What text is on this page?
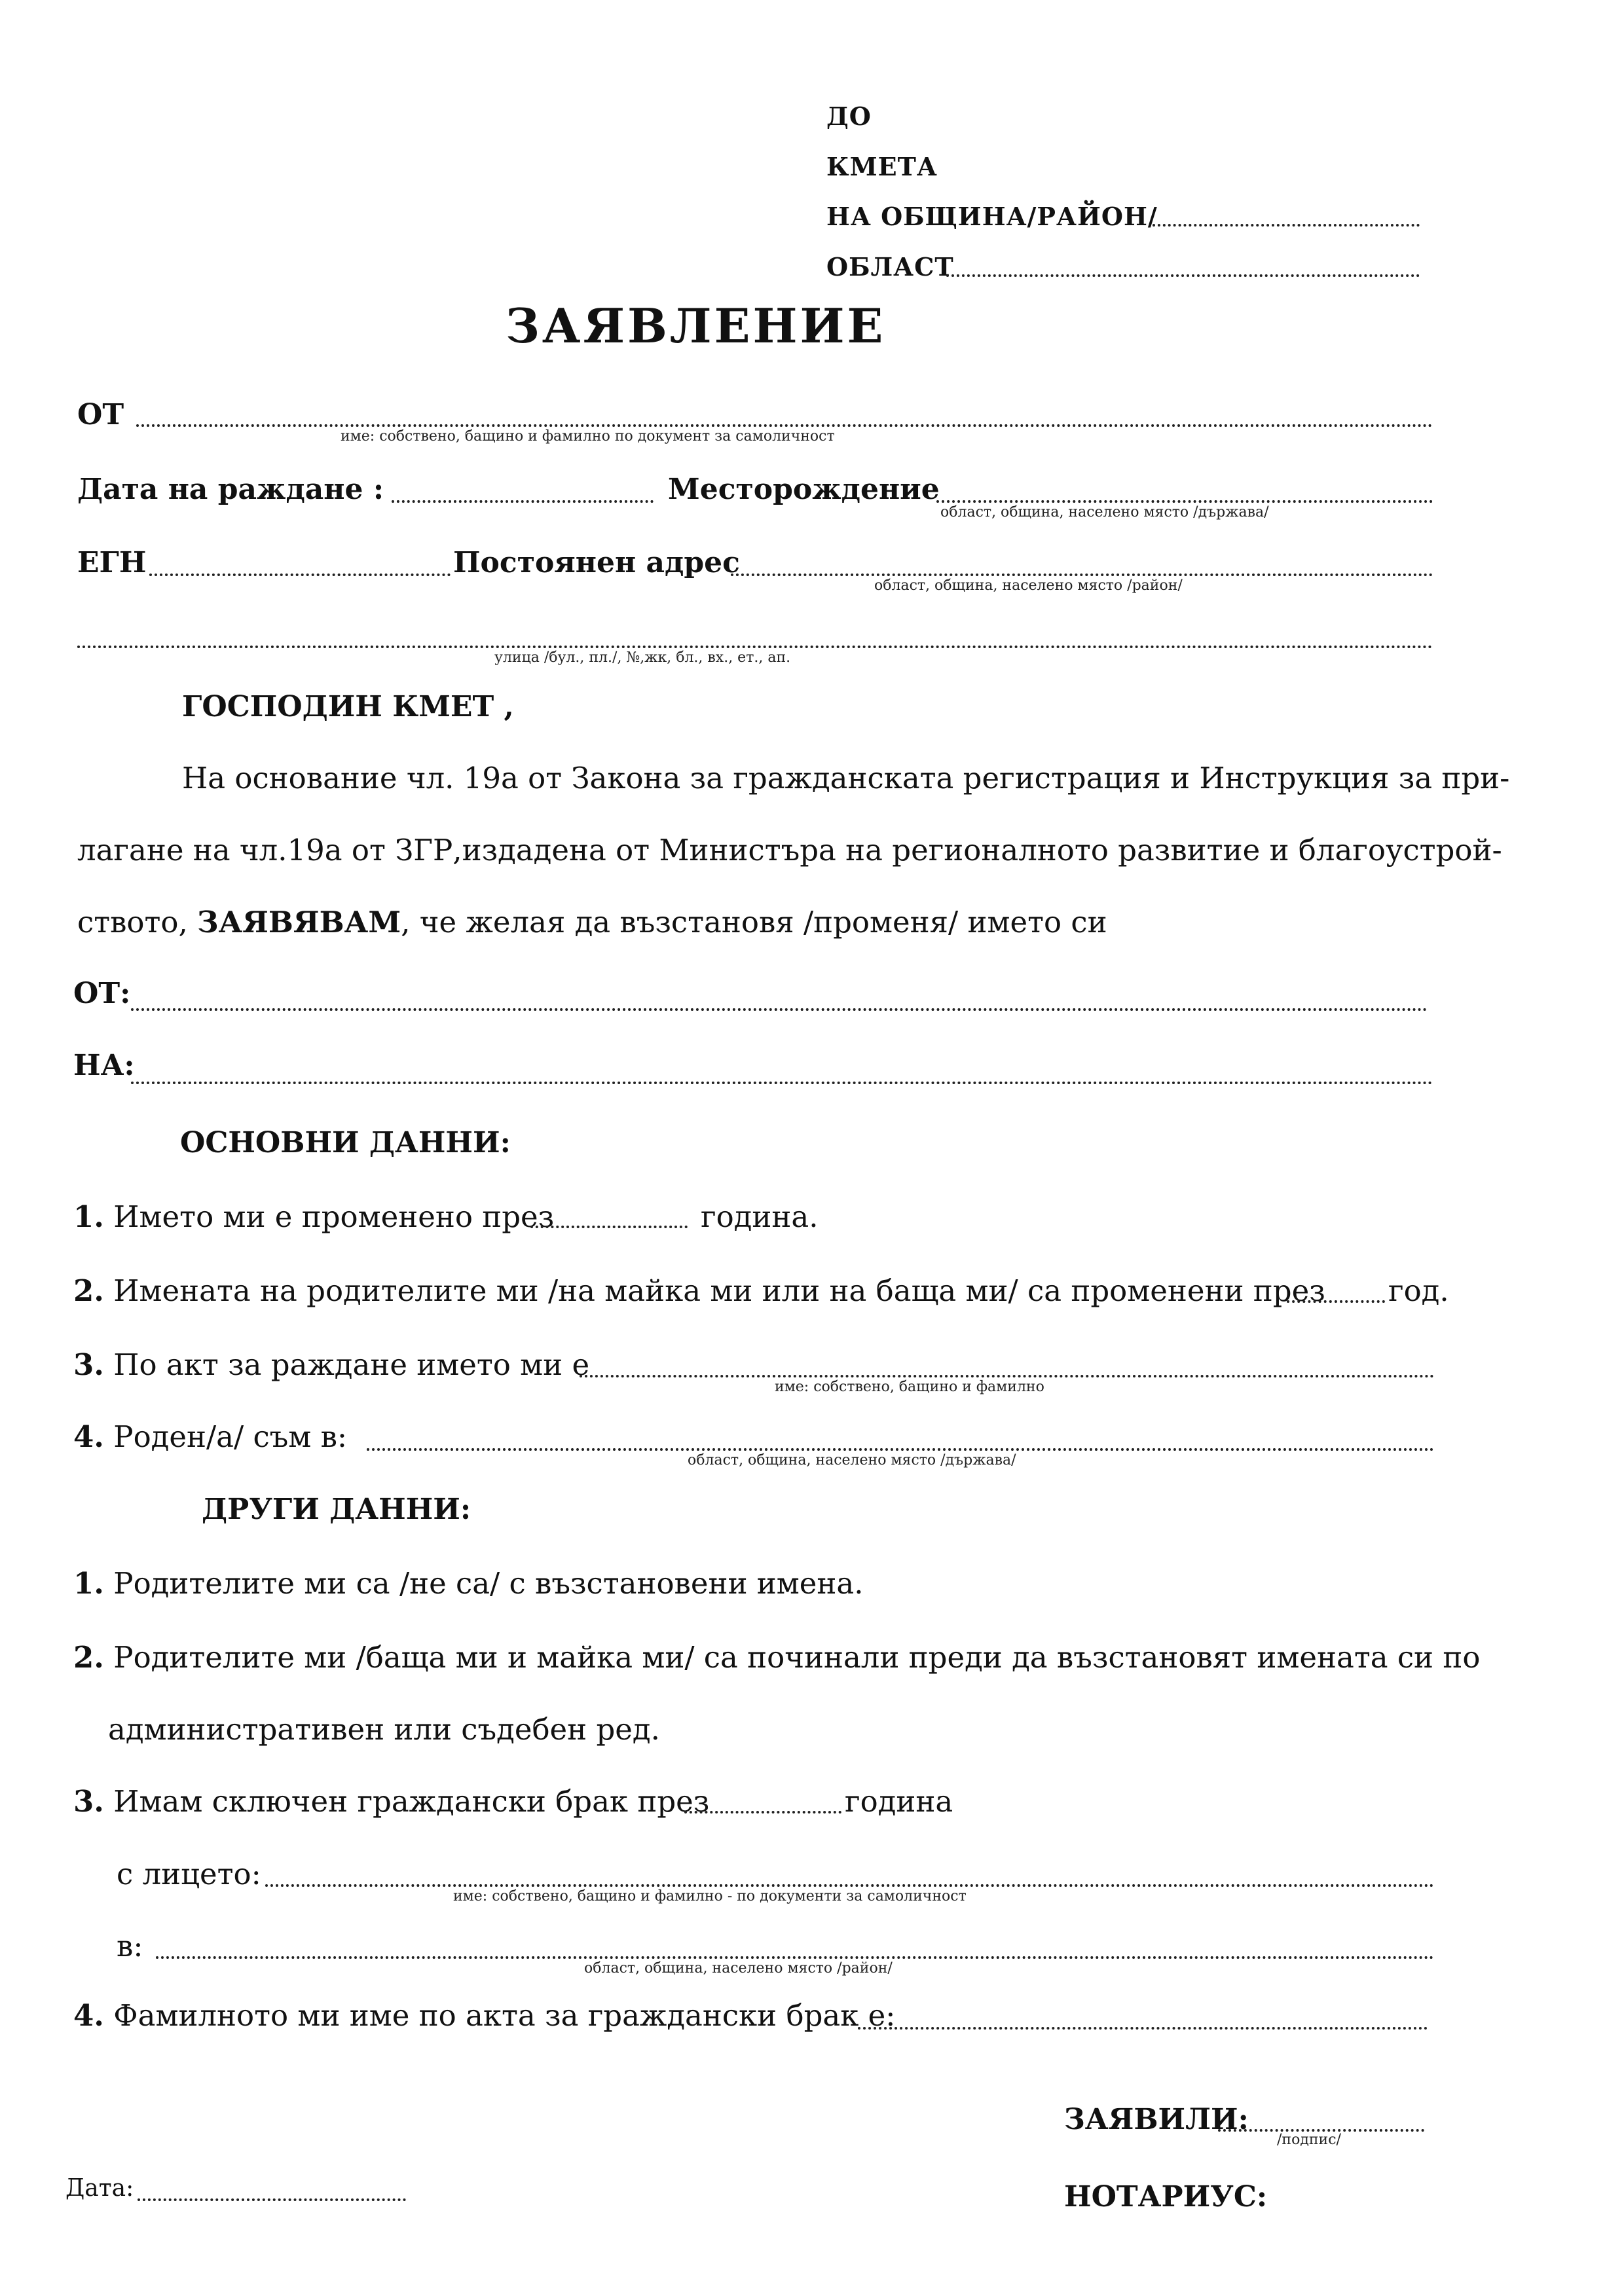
ДО
КМЕТА
НА ОБЩИНА/РАЙОН/
ОБЛАСТ
ЗАЯВЛЕНИЕ
ОТ
име: собствено, бащино и фамилно по документ за самоличност
Дата на раждане :	Месторождение
област, община, населено място /държава/
ЕГН	Постоянен адрес
област, община, населено място /район/
улица /бул., пл./, №,жк, бл., вх., ет., ап.
ГОСПОДИН КМЕТ ,
На основание чл. 19а от Закона за гражданската регистрация и Инструкция за при-
лагане на чл.19а от ЗГР,издадена от Министъра на регионалното развитие и благоустрой-
ството, ЗАЯВЯВАМ, че желая да възстановя /променя/ името си
ОТ:
НА:
ОСНОВНИ ДАННИ:
1. Името ми е променено през	година.
2. Имената на родителите ми /на майка ми или на баща ми/ са променени през год.
3. По акт за раждане името ми е
име: собствено, бащино и фамилно
4. Роден/а/ съм в:
област, община, населено място /държава/
ДРУГИ ДАННИ:
1. Родителите ми са /не са/ с възстановени имена.
2. Родителите ми /баща ми и майка ми/ са починали преди да възстановят имената си по
административен или съдебен ред.
3. Имам сключен граждански брак през	година
с лицето:
име: собствено, бащино и фамилно - по документи за самоличност
в:
област, община, населено място /район/
4. Фамилното ми име по акта за граждански брак е:
ЗАЯВИЛИ:
/подпис/
Дата:	НОТАРИУС:
